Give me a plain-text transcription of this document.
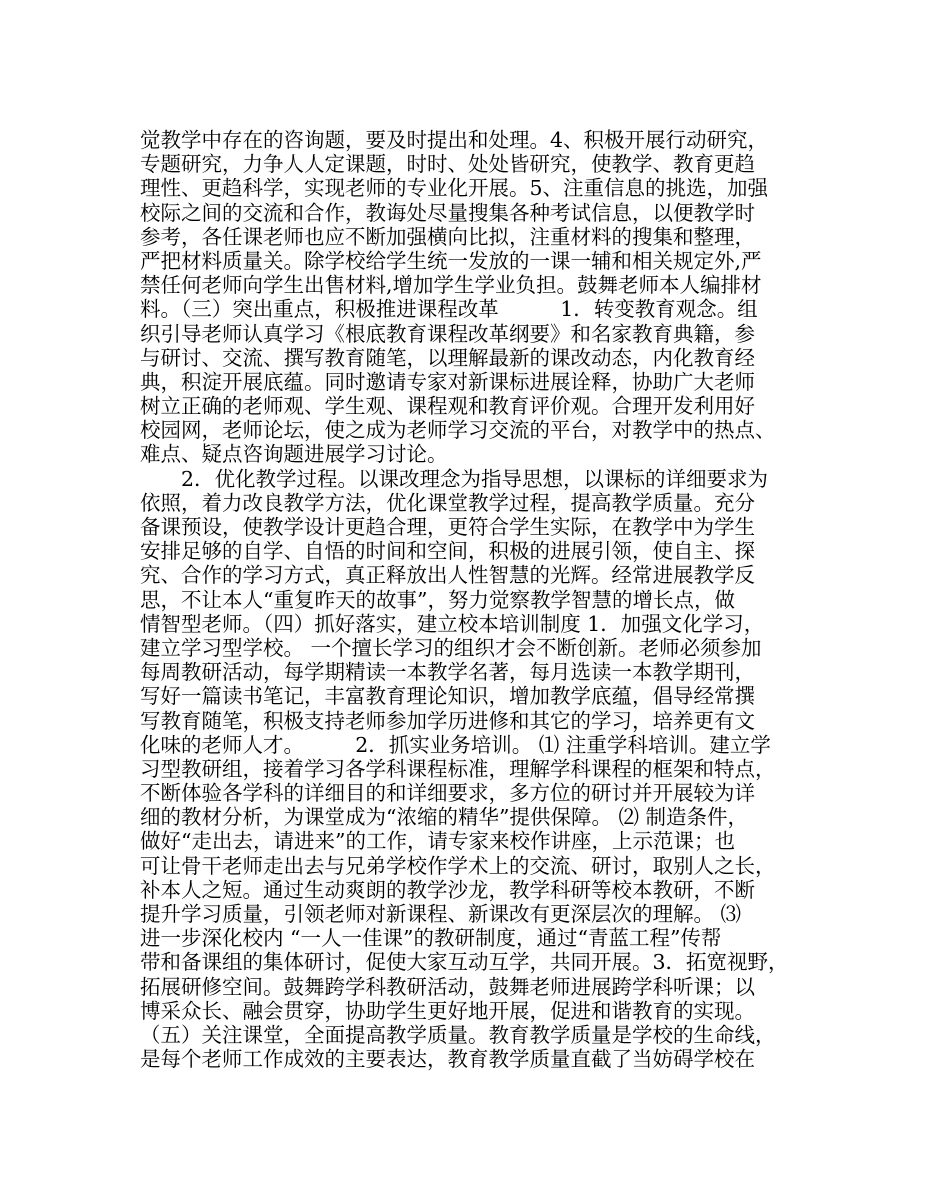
觉教学中存在的咨询题，要及时提出和处理。4、积极开展行动研究，
专题研究，力争人人定课题，时时、处处皆研究，使教学、教育更趋
理性、更趋科学，实现老师的专业化开展。5、注重信息的挑选，加强
校际之间的交流和合作，教诲处尽量搜集各种考试信息，以便教学时
参考，各任课老师也应不断加强横向比拟，注重材料的搜集和整理，
严把材料质量关。除学校给学生统一发放的一课一辅和相关规定外,严
禁任何老师向学生出售材料,增加学生学业负担。鼓舞老师本人编排材
料。（三）突出重点，积极推进课程改革　　　1．转变教育观念。组
织引导老师认真学习《根底教育课程改革纲要》和名家教育典籍，参
与研讨、交流、撰写教育随笔，以理解最新的课改动态，内化教育经
典，积淀开展底蕴。同时邀请专家对新课标进展诠释，协助广大老师
树立正确的老师观、学生观、课程观和教育评价观。合理开发利用好
校园网，老师论坛，使之成为老师学习交流的平台，对教学中的热点、
难点、疑点咨询题进展学习讨论。
　　2．优化教学过程。以课改理念为指导思想，以课标的详细要求为
依照，着力改良教学方法，优化课堂教学过程，提高教学质量。充分
备课预设，使教学设计更趋合理，更符合学生实际，在教学中为学生
安排足够的自学、自悟的时间和空间，积极的进展引领，使自主、探
究、合作的学习方式，真正释放出人性智慧的光辉。经常进展教学反
思，不让本人“重复昨天的故事”，努力觉察教学智慧的增长点，做
情智型老师。（四）抓好落实，建立校本培训制度 1．加强文化学习，
建立学习型学校。 一个擅长学习的组织才会不断创新。老师必须参加
每周教研活动，每学期精读一本教学名著，每月选读一本教学期刊，
写好一篇读书笔记，丰富教育理论知识，增加教学底蕴，倡导经常撰
写教育随笔，积极支持老师参加学历进修和其它的学习，培养更有文
化味的老师人才。　　　2．抓实业务培训。 ⑴ 注重学科培训。建立学
习型教研组，接着学习各学科课程标准，理解学科课程的框架和特点，
不断体验各学科的详细目的和详细要求，多方位的研讨并开展较为详
细的教材分析，为课堂成为“浓缩的精华”提供保障。 ⑵ 制造条件，
做好“走出去，请进来”的工作，请专家来校作讲座，上示范课；也
可让骨干老师走出去与兄弟学校作学术上的交流、研讨，取别人之长，
补本人之短。通过生动爽朗的教学沙龙，教学科研等校本教研，不断
提升学习质量，引领老师对新课程、新课改有更深层次的理解。 ⑶
进一步深化校内 “一人一佳课”的教研制度，通过“青蓝工程”传帮
带和备课组的集体研讨，促使大家互动互学，共同开展。3．拓宽视野，
拓展研修空间。鼓舞跨学科教研活动，鼓舞老师进展跨学科听课；以
博采众长、融会贯穿，协助学生更好地开展，促进和谐教育的实现。
（五）关注课堂，全面提高教学质量。教育教学质量是学校的生命线，
是每个老师工作成效的主要表达，教育教学质量直截了当妨碍学校在
